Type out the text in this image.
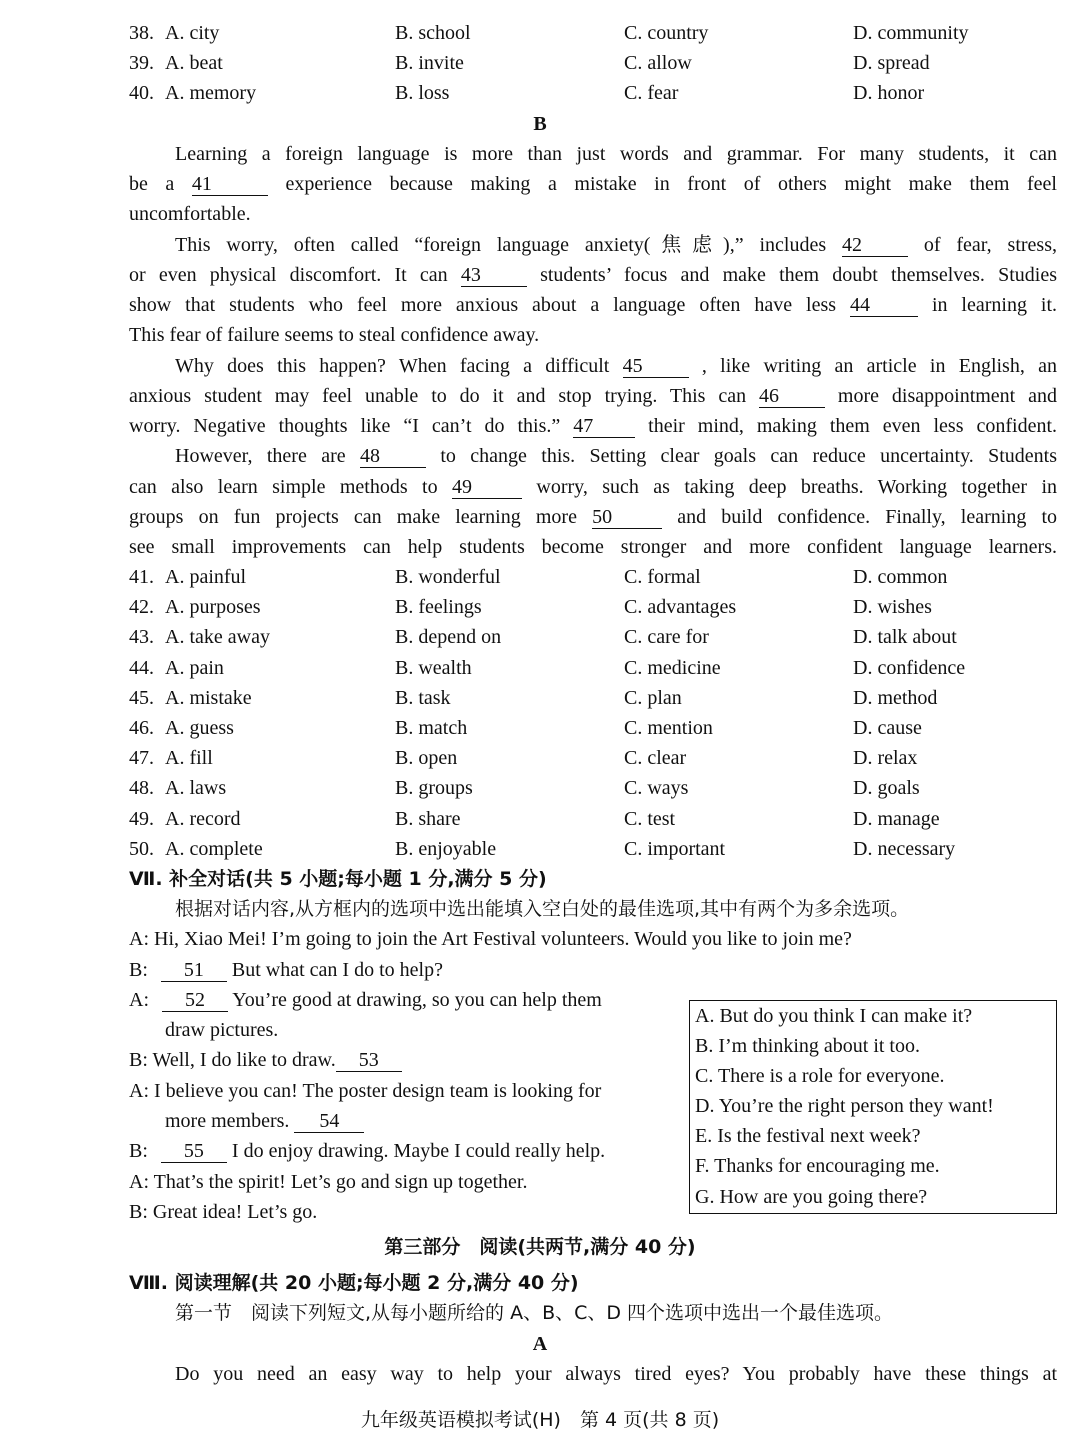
38. A. city	B. school	C. country	D. community
39. A. beat	B. invite	C. allow	D. spread
40. A. memory	B. loss	C. fear	D. honor
B
Learning a foreign language is more than just words and grammar. For many students, it can
be a 41	experience because making a mistake in front of others might make them feel
uncomfortable.
This worry, often called “foreign language anxiety(焦虑),” includes 42	of fear, stress,
or even physical discomfort. It can 43	students’ focus and make them doubt themselves. Studies
show that students who feel more anxious about a language often have less 44	in learning it.
This fear of failure seems to steal confidence away.
Why does this happen? When facing a difficult 45	, like writing an article in English, an
anxious student may feel unable to do it and stop trying. This can 46	more disappointment and
worry. Negative thoughts like “I can’t do this.” 47	their mind, making them even less confident.
However, there are 48	to change this. Setting clear goals can reduce uncertainty. Students
can also learn simple methods to 49	worry, such as taking deep breaths. Working together in
groups on fun projects can make learning more 50	and build confidence. Finally, learning to
see small improvements can help students become stronger and more confident language learners.
41. A. painful	B. wonderful	C. formal	D. common
42. A. purposes	B. feelings	C. advantages	D. wishes
43. A. take away	B. depend on	C. care for	D. talk about
44. A. pain	B. wealth	C. medicine	D. confidence
45. A. mistake	B. task	C. plan	D. method
46. A. guess	B. match	C. mention	D. cause
47. A. fill	B. open	C. clear	D. relax
48. A. laws	B. groups	C. ways	D. goals
49. A. record	B. share	C. test	D. manage
50. A. complete	B. enjoyable	C. important	D. necessary
Ⅶ. 补全对话(共 5 小题;每小题 1 分,满分 5 分)
根据对话内容,从方框内的选项中选出能填入空白处的最佳选项,其中有两个为多余选项。
A: Hi, Xiao Mei! I’m going to join the Art Festival volunteers. Would you like to join me?
B: 51 But what can I do to help?
A: 52 You’re good at drawing, so you can help them
draw pictures.
B: Well, I do like to draw. 53
A: I believe you can! The poster design team is looking for
more members. 54
B: 55 I do enjoy drawing. Maybe I could really help.
A: That’s the spirit! Let’s go and sign up together.
B: Great idea! Let’s go.
A. But do you think I can make it?
B. I’m thinking about it too.
C. There is a role for everyone.
D. You’re the right person they want!
E. Is the festival next week?
F. Thanks for encouraging me.
G. How are you going there?
第三部分　阅读(共两节,满分 40 分)
Ⅷ. 阅读理解(共 20 小题;每小题 2 分,满分 40 分)
第一节　阅读下列短文,从每小题所给的 A、B、C、D 四个选项中选出一个最佳选项。
A
Do you need an easy way to help your always tired eyes? You probably have these things at
九年级英语模拟考试(H)　第 4 页(共 8 页)
